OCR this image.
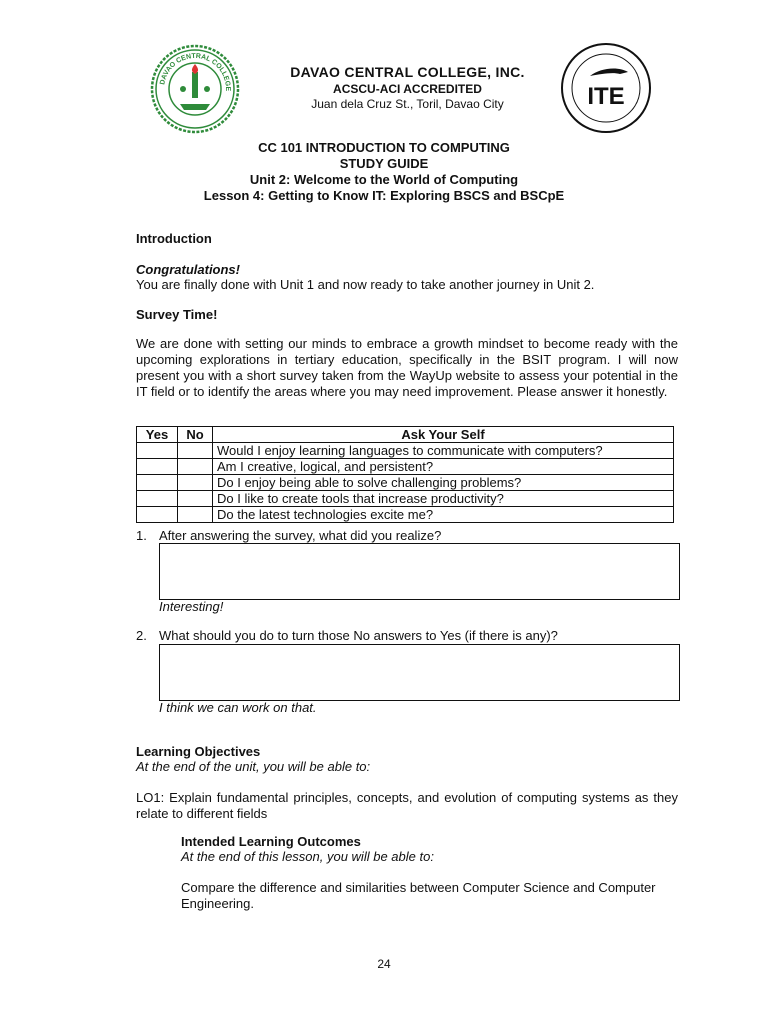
DAVAO CENTRAL COLLEGE
DAVAO CENTRAL COLLEGE, INC.
ACSCU-ACI ACCREDITED
Juan dela Cruz St., Toril, Davao City	ITE
CC 101 INTRODUCTION TO COMPUTING
STUDY GUIDE
Unit 2: Welcome to the World of Computing
Lesson 4: Getting to Know IT: Exploring BSCS and BSCpE
Introduction
Congratulations!
You are finally done with Unit 1 and now ready to take another journey in Unit 2.
Survey Time!
We are done with setting our minds to embrace a growth mindset to become ready with the upcoming explorations in tertiary education, specifically in the BSIT program. I will now present you with a short survey taken from the WayUp website to assess your potential in the IT field or to identify the areas where you may need improvement. Please answer it honestly.
Yes	No	Ask Your Self
		Would I enjoy learning languages to communicate with computers?
		Am I creative, logical, and persistent?
		Do I enjoy being able to solve challenging problems?
		Do I like to create tools that increase productivity?
		Do the latest technologies excite me?
1. After answering the survey, what did you realize?
Interesting!
2. What should you do to turn those No answers to Yes (if there is any)?
I think we can work on that.
Learning Objectives
At the end of the unit, you will be able to:
LO1: Explain fundamental principles, concepts, and evolution of computing systems as they relate to different fields
Intended Learning Outcomes
At the end of this lesson, you will be able to:
Compare the difference and similarities between Computer Science and Computer Engineering.
24
